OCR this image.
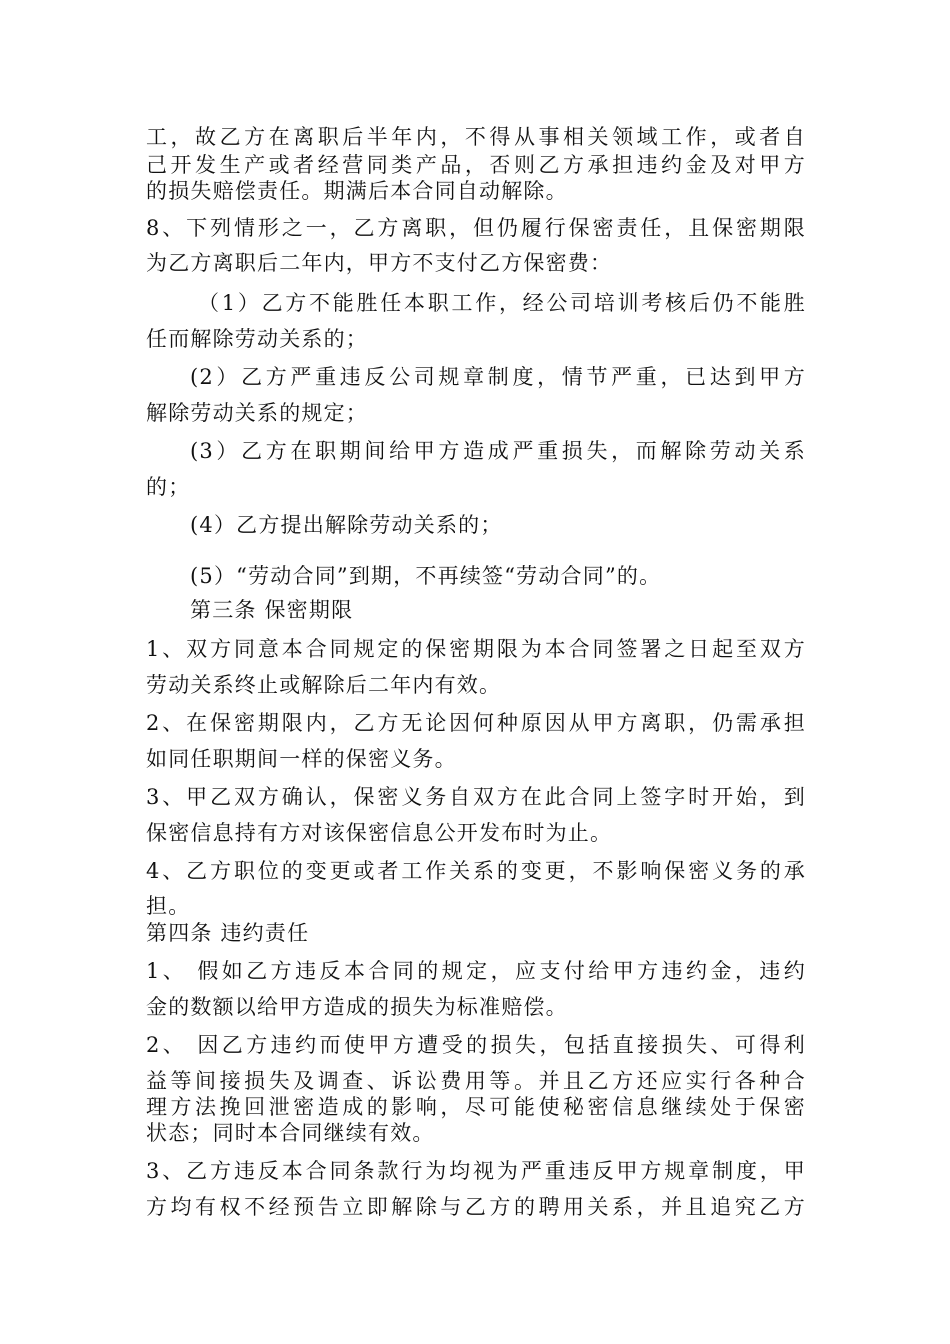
工，故乙方在离职后半年内，不得从事相关领域工作，或者自
己开发生产或者经营同类产品，否则乙方承担违约金及对甲方
的损失赔偿责任。期满后本合同自动解除。
8、下列情形之一，乙方离职，但仍履行保密责任，且保密期限
为乙方离职后二年内，甲方不支付乙方保密费：
（1）乙方不能胜任本职工作，经公司培训考核后仍不能胜
任而解除劳动关系的；
(2）乙方严重违反公司规章制度，情节严重，已达到甲方
解除劳动关系的规定；
(3）乙方在职期间给甲方造成严重损失，而解除劳动关系
的；
(4）乙方提出解除劳动关系的；
(5）“劳动合同”到期，不再续签“劳动合同”的。
第三条 保密期限
1、双方同意本合同规定的保密期限为本合同签署之日起至双方
劳动关系终止或解除后二年内有效。
2、在保密期限内，乙方无论因何种原因从甲方离职，仍需承担
如同任职期间一样的保密义务。
3、甲乙双方确认，保密义务自双方在此合同上签字时开始，到
保密信息持有方对该保密信息公开发布时为止。
4、乙方职位的变更或者工作关系的变更，不影响保密义务的承
担。
第四条 违约责任
1、 假如乙方违反本合同的规定，应支付给甲方违约金，违约
金的数额以给甲方造成的损失为标准赔偿。
2、 因乙方违约而使甲方遭受的损失，包括直接损失、可得利
益等间接损失及调查、诉讼费用等。并且乙方还应实行各种合
理方法挽回泄密造成的影响，尽可能使秘密信息继续处于保密
状态；同时本合同继续有效。
3、乙方违反本合同条款行为均视为严重违反甲方规章制度，甲
方均有权不经预告立即解除与乙方的聘用关系，并且追究乙方
